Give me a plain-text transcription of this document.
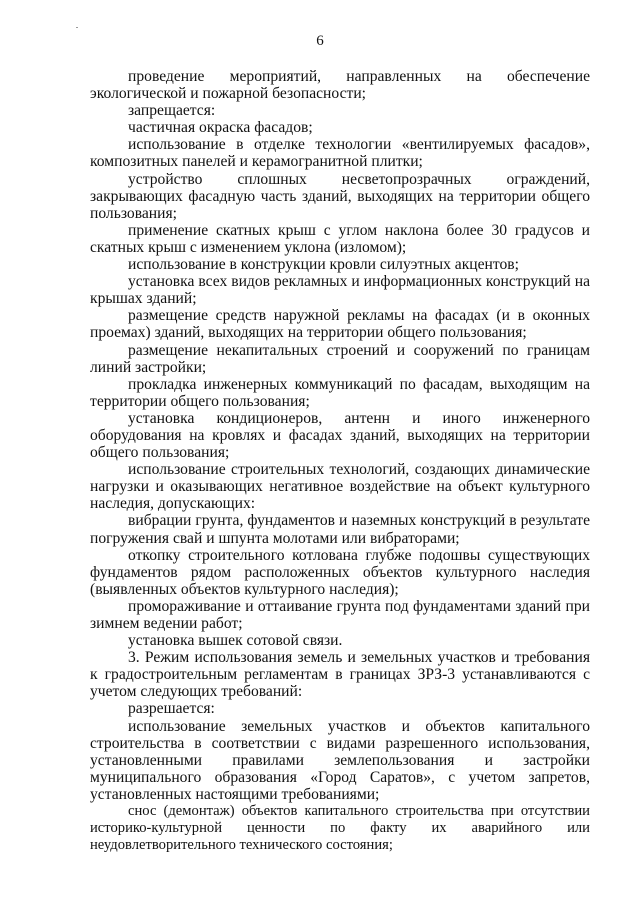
6

проведение мероприятий, направленных на обеспечение экологической и пожарной безопасности;

запрещается:

частичная окраска фасадов;

использование в отделке технологии «вентилируемых фасадов», композитных панелей и керамогранитной плитки;

устройство сплошных несветопрозрачных ограждений, закрывающих фасадную часть зданий, выходящих на территории общего пользования;

применение скатных крыш с углом наклона более 30 градусов и скатных крыш с изменением уклона (изломом);

использование в конструкции кровли силуэтных акцентов;

установка всех видов рекламных и информационных конструкций на крышах зданий;

размещение средств наружной рекламы на фасадах (и в оконных проемах) зданий, выходящих на территории общего пользования;

размещение некапитальных строений и сооружений по границам линий застройки;

прокладка инженерных коммуникаций по фасадам, выходящим на территории общего пользования;

установка кондиционеров, антенн и иного инженерного оборудования на кровлях и фасадах зданий, выходящих на территории общего пользования;

использование строительных технологий, создающих динамические нагрузки и оказывающих негативное воздействие на объект культурного наследия, допускающих:

вибрации грунта, фундаментов и наземных конструкций в результате погружения свай и шпунта молотами или вибраторами;

откопку строительного котлована глубже подошвы существующих фундаментов рядом расположенных объектов культурного наследия (выявленных объектов культурного наследия);

промораживание и оттаивание грунта под фундаментами зданий при зимнем ведении работ;

установка вышек сотовой связи.

3. Режим использования земель и земельных участков и требования к градостроительным регламентам в границах ЗРЗ-3 устанавливаются с учетом следующих требований:

разрешается:

использование земельных участков и объектов капитального строительства в соответствии с видами разрешенного использования, установленными правилами землепользования и застройки муниципального образования «Город Саратов», с учетом запретов, установленных настоящими требованиями;

снос (демонтаж) объектов капитального строительства при отсутствии историко-культурной ценности по факту их аварийного или неудовлетворительного технического состояния;
